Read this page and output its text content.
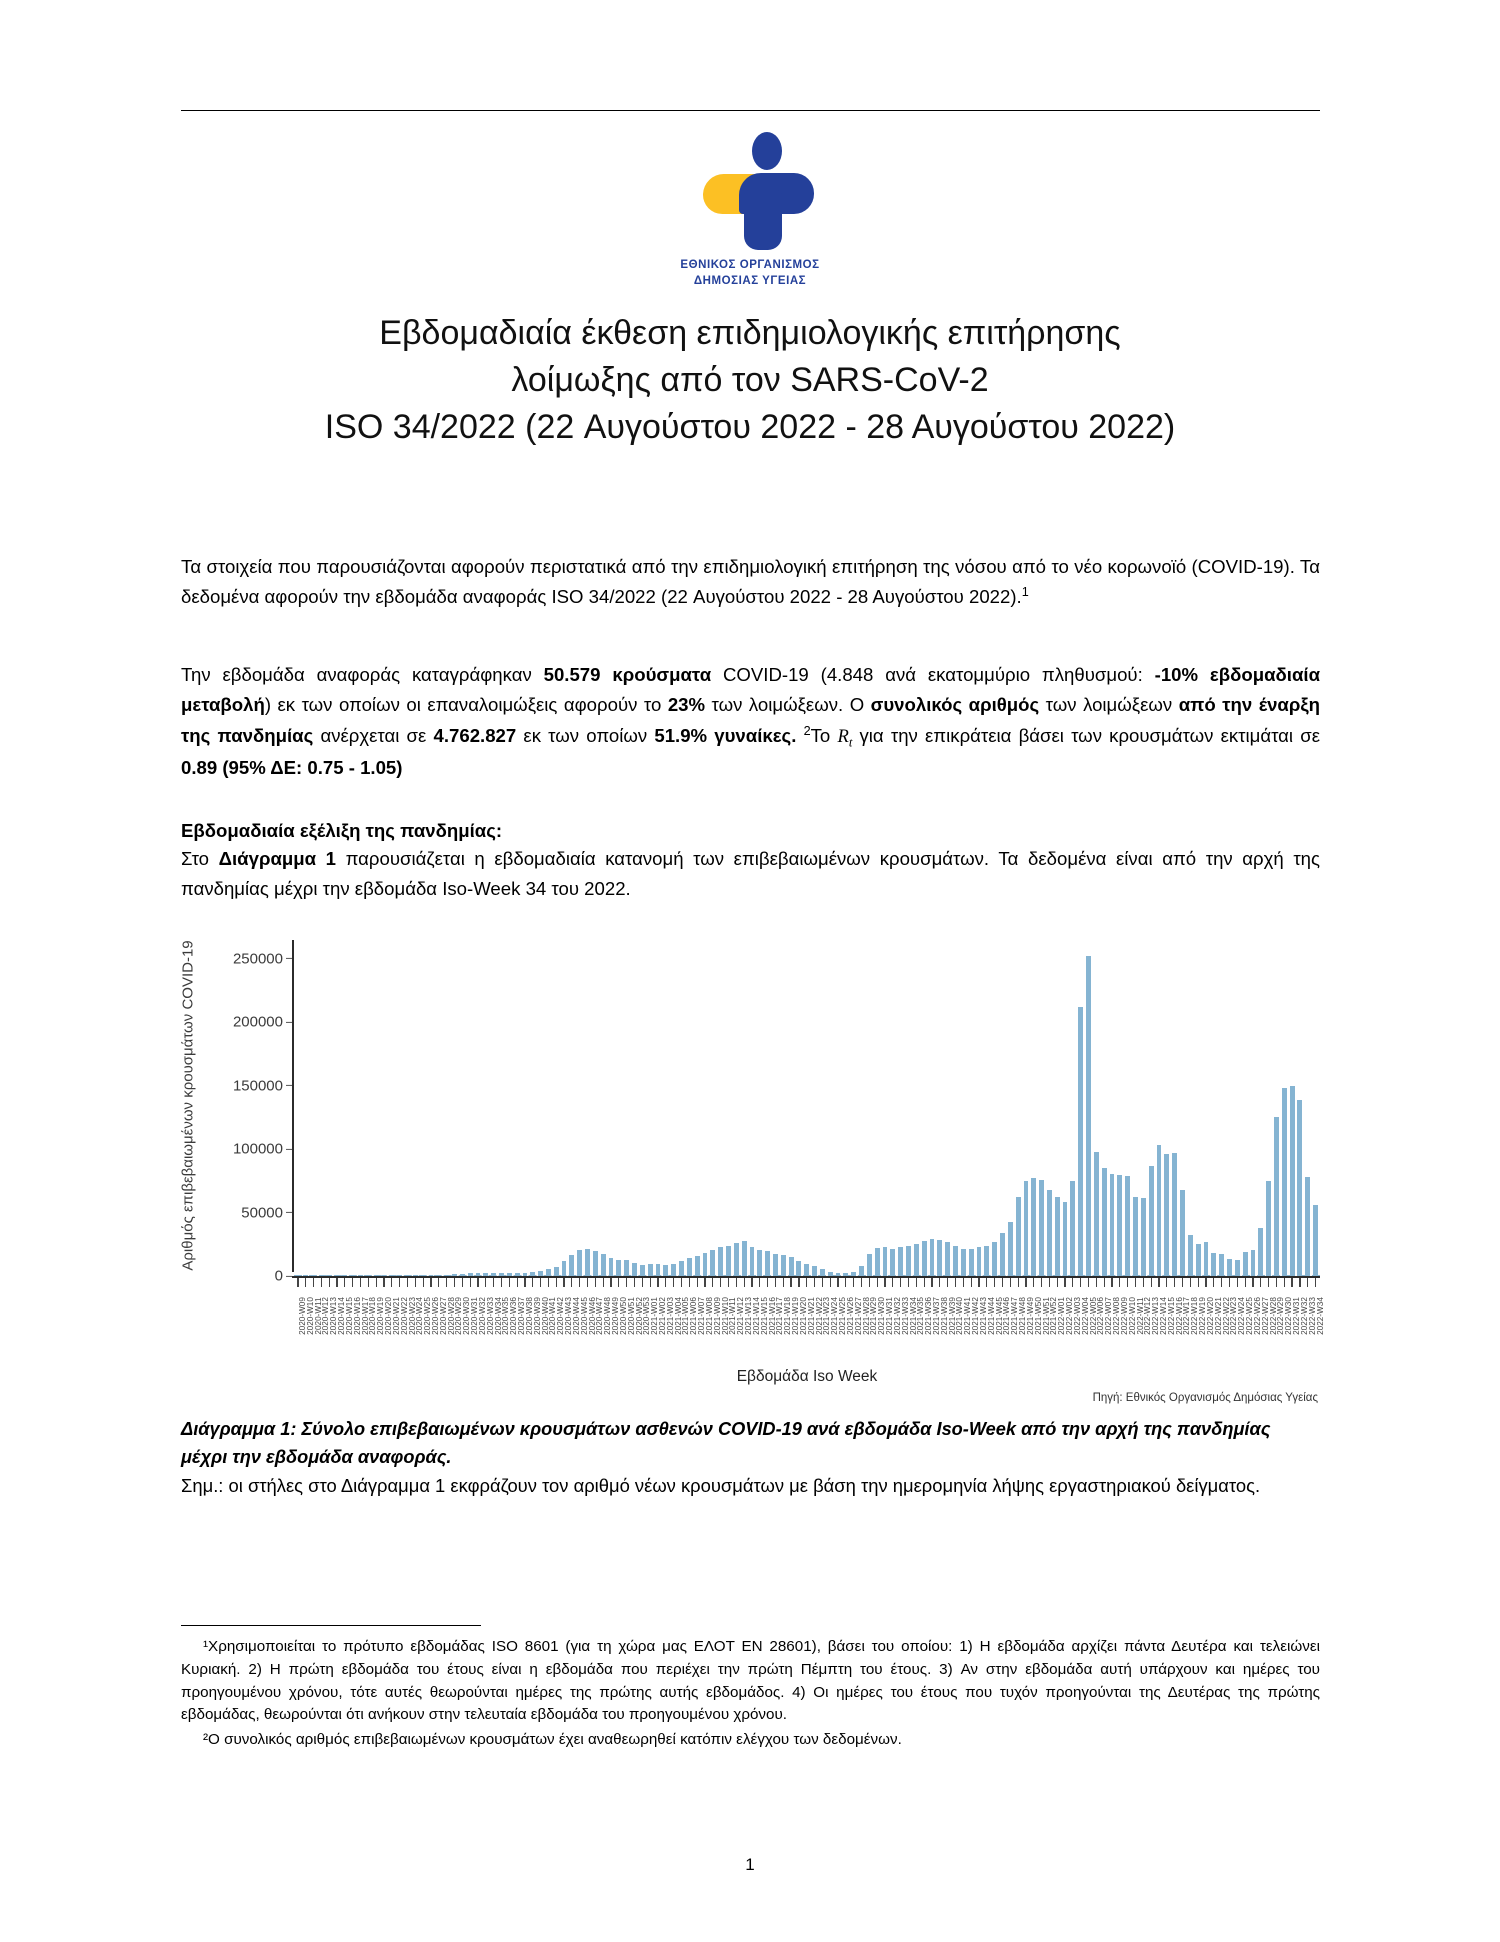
ΕΘΝΙΚΟΣ ΟΡΓΑΝΙΣΜΟΣ
ΔΗΜΟΣΙΑΣ ΥΓΕΙΑΣ
Εβδομαδιαία έκθεση επιδημιολογικής επιτήρησης
λοίμωξης από τον SARS-CoV-2
ISO 34/2022 (22 Αυγούστου 2022 - 28 Αυγούστου 2022)
Τα στοιχεία που παρουσιάζονται αφορούν περιστατικά από την επιδημιολογική επιτήρηση της νόσου από το νέο κορωνοϊό (COVID-19). Τα δεδομένα αφορούν την εβδομάδα αναφοράς ISO 34/2022 (22 Αυγούστου 2022 - 28 Αυγούστου 2022).$^1$
Την εβδομάδα αναφοράς καταγράφηκαν 50.579 κρούσματα COVID-19 (4.848 ανά εκατομμύριο πληθυσμού: -10% εβδομαδιαία μεταβολή) εκ των οποίων οι επαναλοιμώξεις αφορούν το 23% των λοιμώξεων. Ο συνολικός αριθμός των λοιμώξεων από την έναρξη της πανδημίας ανέρχεται σε 4.762.827 εκ των οποίων 51.9% γυναίκες. $^2$Το $R_t$ για την επικράτεια βάσει των κρουσμάτων εκτιμάται σε 0.89 (95% ΔΕ: 0.75 - 1.05)
Εβδομαδιαία εξέλιξη της πανδημίας:
Στο Διάγραμμα 1 παρουσιάζεται η εβδομαδιαία κατανομή των επιβεβαιωμένων κρουσμάτων. Τα δεδομένα είναι από την αρχή της πανδημίας μέχρι την εβδομάδα Iso-Week 34 του 2022.
Αριθμός επιβεβαιωμένων κρουσμάτων COVID-19
0
50000
100000
150000
200000
250000
2020-W09
2020-W10
2020-W11
2020-W12
2020-W13
2020-W14
2020-W15
2020-W16
2020-W17
2020-W18
2020-W19
2020-W20
2020-W21
2020-W22
2020-W23
2020-W24
2020-W25
2020-W26
2020-W27
2020-W28
2020-W29
2020-W30
2020-W31
2020-W32
2020-W33
2020-W34
2020-W35
2020-W36
2020-W37
2020-W38
2020-W39
2020-W40
2020-W41
2020-W42
2020-W43
2020-W44
2020-W45
2020-W46
2020-W47
2020-W48
2020-W49
2020-W50
2020-W51
2020-W52
2020-W53
2021-W01
2021-W02
2021-W03
2021-W04
2021-W05
2021-W06
2021-W07
2021-W08
2021-W09
2021-W10
2021-W11
2021-W12
2021-W13
2021-W14
2021-W15
2021-W16
2021-W17
2021-W18
2021-W19
2021-W20
2021-W21
2021-W22
2021-W23
2021-W24
2021-W25
2021-W26
2021-W27
2021-W28
2021-W29
2021-W30
2021-W31
2021-W32
2021-W33
2021-W34
2021-W35
2021-W36
2021-W37
2021-W38
2021-W39
2021-W40
2021-W41
2021-W42
2021-W43
2021-W44
2021-W45
2021-W46
2021-W47
2021-W48
2021-W49
2021-W50
2021-W51
2021-W52
2022-W01
2022-W02
2022-W03
2022-W04
2022-W05
2022-W06
2022-W07
2022-W08
2022-W09
2022-W10
2022-W11
2022-W12
2022-W13
2022-W14
2022-W15
2022-W16
2022-W17
2022-W18
2022-W19
2022-W20
2022-W21
2022-W22
2022-W23
2022-W24
2022-W25
2022-W26
2022-W27
2022-W28
2022-W29
2022-W30
2022-W31
2022-W32
2022-W33
2022-W34
Εβδομάδα Iso Week
Πηγή: Εθνικός Οργανισμός Δημόσιας Υγείας
Διάγραμμα 1: Σύνολο επιβεβαιωμένων κρουσμάτων ασθενών COVID-19 ανά εβδομάδα Iso-Week από την αρχή της πανδημίας μέχρι την εβδομάδα αναφοράς.
Σημ.: οι στήλες στο Διάγραμμα 1 εκφράζουν τον αριθμό νέων κρουσμάτων με βάση την ημερομηνία λήψης εργαστηριακού δείγματος.
¹Χρησιμοποιείται το πρότυπο εβδομάδας ISO 8601 (για τη χώρα μας ΕΛΟΤ ΕΝ 28601), βάσει του οποίου: 1) Η εβδομάδα αρχίζει πάντα Δευτέρα και τελειώνει Κυριακή. 2) Η πρώτη εβδομάδα του έτους είναι η εβδομάδα που περιέχει την πρώτη Πέμπτη του έτους. 3) Αν στην εβδομάδα αυτή υπάρχουν και ημέρες του προηγουμένου χρόνου, τότε αυτές θεωρούνται ημέρες της πρώτης αυτής εβδομάδος. 4) Οι ημέρες του έτους που τυχόν προηγούνται της Δευτέρας της πρώτης εβδομάδας, θεωρούνται ότι ανήκουν στην τελευταία εβδομάδα του προηγουμένου χρόνου.
²Ο συνολικός αριθμός επιβεβαιωμένων κρουσμάτων έχει αναθεωρηθεί κατόπιν ελέγχου των δεδομένων.
1
